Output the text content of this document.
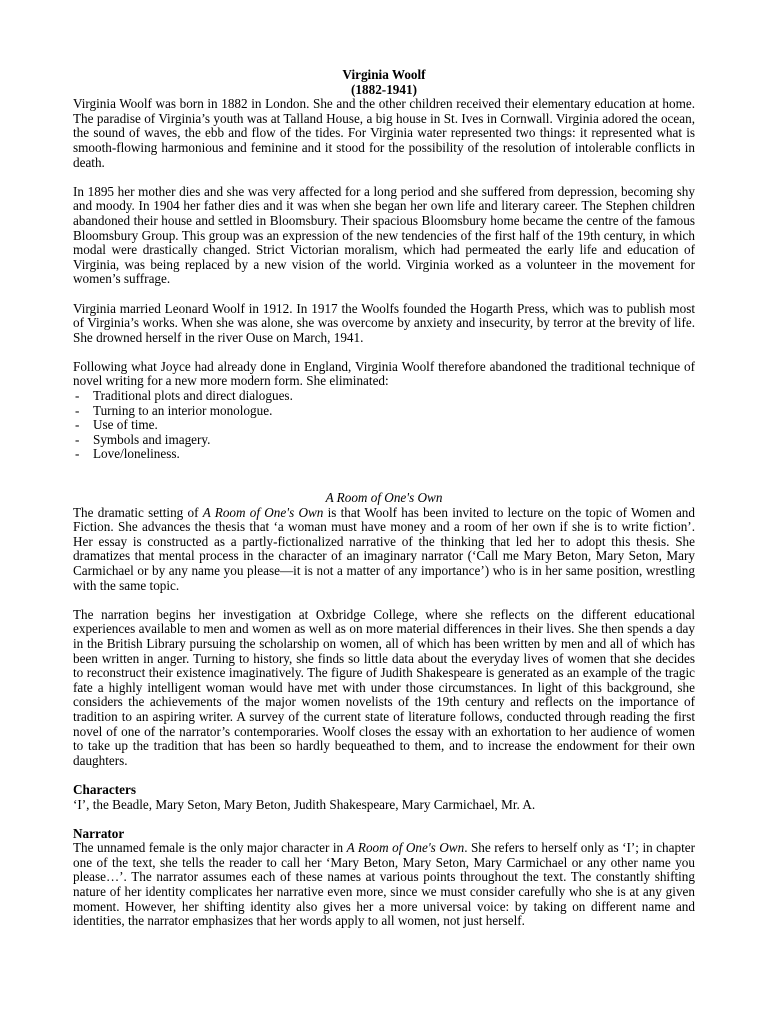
Virginia Woolf

(1882-1941)

Virginia Woolf was born in 1882 in London. She and the other children received their elementary education at home. The paradise of Virginia’s youth was at Talland House, a big house in St. Ives in Cornwall. Virginia adored the ocean, the sound of waves, the ebb and flow of the tides. For Virginia water represented two things: it represented what is smooth-flowing harmonious and feminine and it stood for the possibility of the resolution of intolerable conflicts in death.

In 1895 her mother dies and she was very affected for a long period and she suffered from depression, becoming shy and moody. In 1904 her father dies and it was when she began her own life and literary career. The Stephen children abandoned their house and settled in Bloomsbury. Their spacious Bloomsbury home became the centre of the famous Bloomsbury Group. This group was an expression of the new tendencies of the first half of the 19th century, in which modal were drastically changed. Strict Victorian moralism, which had permeated the early life and education of Virginia, was being replaced by a new vision of the world. Virginia worked as a volunteer in the movement for women’s suffrage.

Virginia married Leonard Woolf in 1912. In 1917 the Woolfs founded the Hogarth Press, which was to publish most of Virginia’s works. When she was alone, she was overcome by anxiety and insecurity, by terror at the brevity of life. She drowned herself in the river Ouse on March, 1941.

Following what Joyce had already done in England, Virginia Woolf therefore abandoned the traditional technique of novel writing for a new more modern form. She eliminated:

- Traditional plots and direct dialogues.
- Turning to an interior monologue.
- Use of time.
- Symbols and imagery.
- Love/loneliness.

A Room of One's Own

The dramatic setting of A Room of One's Own is that Woolf has been invited to lecture on the topic of Women and Fiction. She advances the thesis that ‘a woman must have money and a room of her own if she is to write fiction’. Her essay is constructed as a partly-fictionalized narrative of the thinking that led her to adopt this thesis. She dramatizes that mental process in the character of an imaginary narrator (‘Call me Mary Beton, Mary Seton, Mary Carmichael or by any name you please—it is not a matter of any importance’) who is in her same position, wrestling with the same topic.

The narration begins her investigation at Oxbridge College, where she reflects on the different educational experiences available to men and women as well as on more material differences in their lives. She then spends a day in the British Library pursuing the scholarship on women, all of which has been written by men and all of which has been written in anger. Turning to history, she finds so little data about the everyday lives of women that she decides to reconstruct their existence imaginatively. The figure of Judith Shakespeare is generated as an example of the tragic fate a highly intelligent woman would have met with under those circumstances. In light of this background, she considers the achievements of the major women novelists of the 19th century and reflects on the importance of tradition to an aspiring writer. A survey of the current state of literature follows, conducted through reading the first novel of one of the narrator’s contemporaries. Woolf closes the essay with an exhortation to her audience of women to take up the tradition that has been so hardly bequeathed to them, and to increase the endowment for their own daughters.

Characters

‘I’, the Beadle, Mary Seton, Mary Beton, Judith Shakespeare, Mary Carmichael, Mr. A.

Narrator

The unnamed female is the only major character in A Room of One's Own. She refers to herself only as ‘I’; in chapter one of the text, she tells the reader to call her ‘Mary Beton, Mary Seton, Mary Carmichael or any other name you please…’. The narrator assumes each of these names at various points throughout the text. The constantly shifting nature of her identity complicates her narrative even more, since we must consider carefully who she is at any given moment. However, her shifting identity also gives her a more universal voice: by taking on different name and identities, the narrator emphasizes that her words apply to all women, not just herself.
